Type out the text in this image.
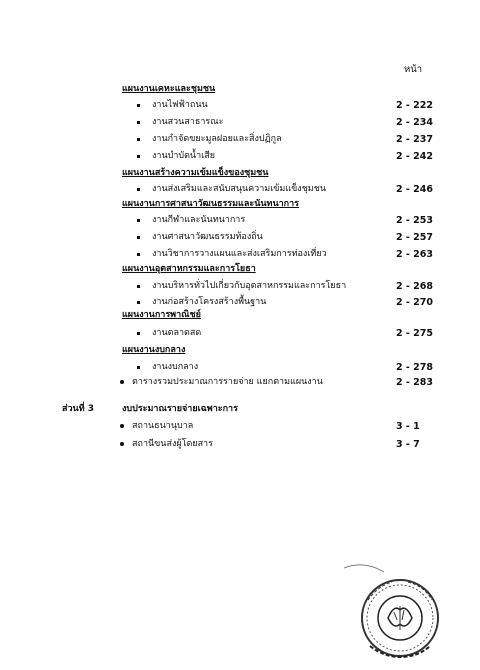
หน้า
แผนงานเคหะและชุมชน
งานไฟฟ้าถนน	2 - 222
งานสวนสาธารณะ	2 - 234
งานกำจัดขยะมูลฝอยและสิ่งปฏิกูล	2 - 237
งานบำบัดน้ำเสีย	2 - 242
แผนงานสร้างความเข้มแข็งของชุมชน
งานส่งเสริมและสนับสนุนความเข้มแข็งชุมชน	2 - 246
แผนงานการศาสนาวัฒนธรรมและนันทนาการ
งานกีฬาและนันทนาการ	2 - 253
งานศาสนาวัฒนธรรมท้องถิ่น	2 - 257
งานวิชาการวางแผนและส่งเสริมการท่องเที่ยว	2 - 263
แผนงานอุตสาหกรรมและการโยธา
งานบริหารทั่วไปเกี่ยวกับอุตสาหกรรมและการโยธา	2 - 268
งานก่อสร้างโครงสร้างพื้นฐาน	2 - 270
แผนงานการพาณิชย์
งานตลาดสด	2 - 275
แผนงานงบกลาง
งานงบกลาง	2 - 278
ตารางรวมประมาณการรายจ่าย แยกตามแผนงาน	2 - 283
ส่วนที่ 3	งบประมาณรายจ่ายเฉพาะการ
สถานธนานุบาล	3 - 1
สถานีขนส่งผู้โดยสาร	3 - 7
